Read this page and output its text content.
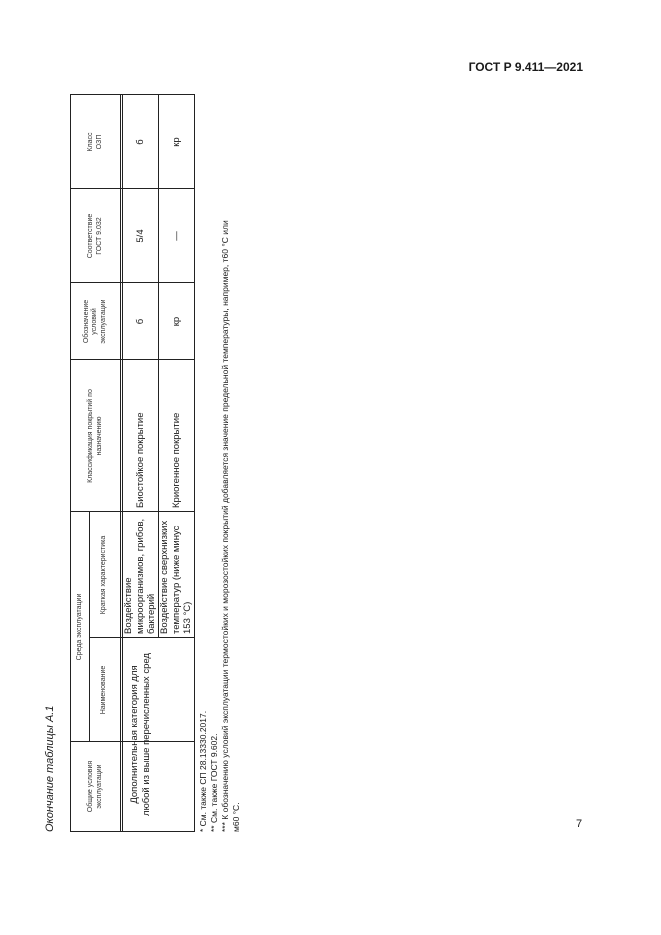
ГОСТ Р 9.411—2021
7
Окончание таблицы А.1	Общие условия эксплуатации
Среда эксплуатации
Наименование
Краткая характеристика
Классификация покрытий по назначению
Обозначение условий эксплуатации
Соответствие ГОСТ 9.032
Класс ОЗП
Дополнительная категория для любой из выше перечисленных сред
Воздействие микроорганизмов, грибов, бактерий
Биостойкое покрытие
б
5/4
б
Воздействие сверхнизких температур (ниже минус 153 °С)
Криогенное покрытие
кр
—
кр
* См. также СП 28.13330.2017. ** См. также ГОСТ 9.602. *** К обозначению условий эксплуатации термостойких и морозостойких покрытий добавляется значение предельной температуры, например, т60 °С или м60 °С.
